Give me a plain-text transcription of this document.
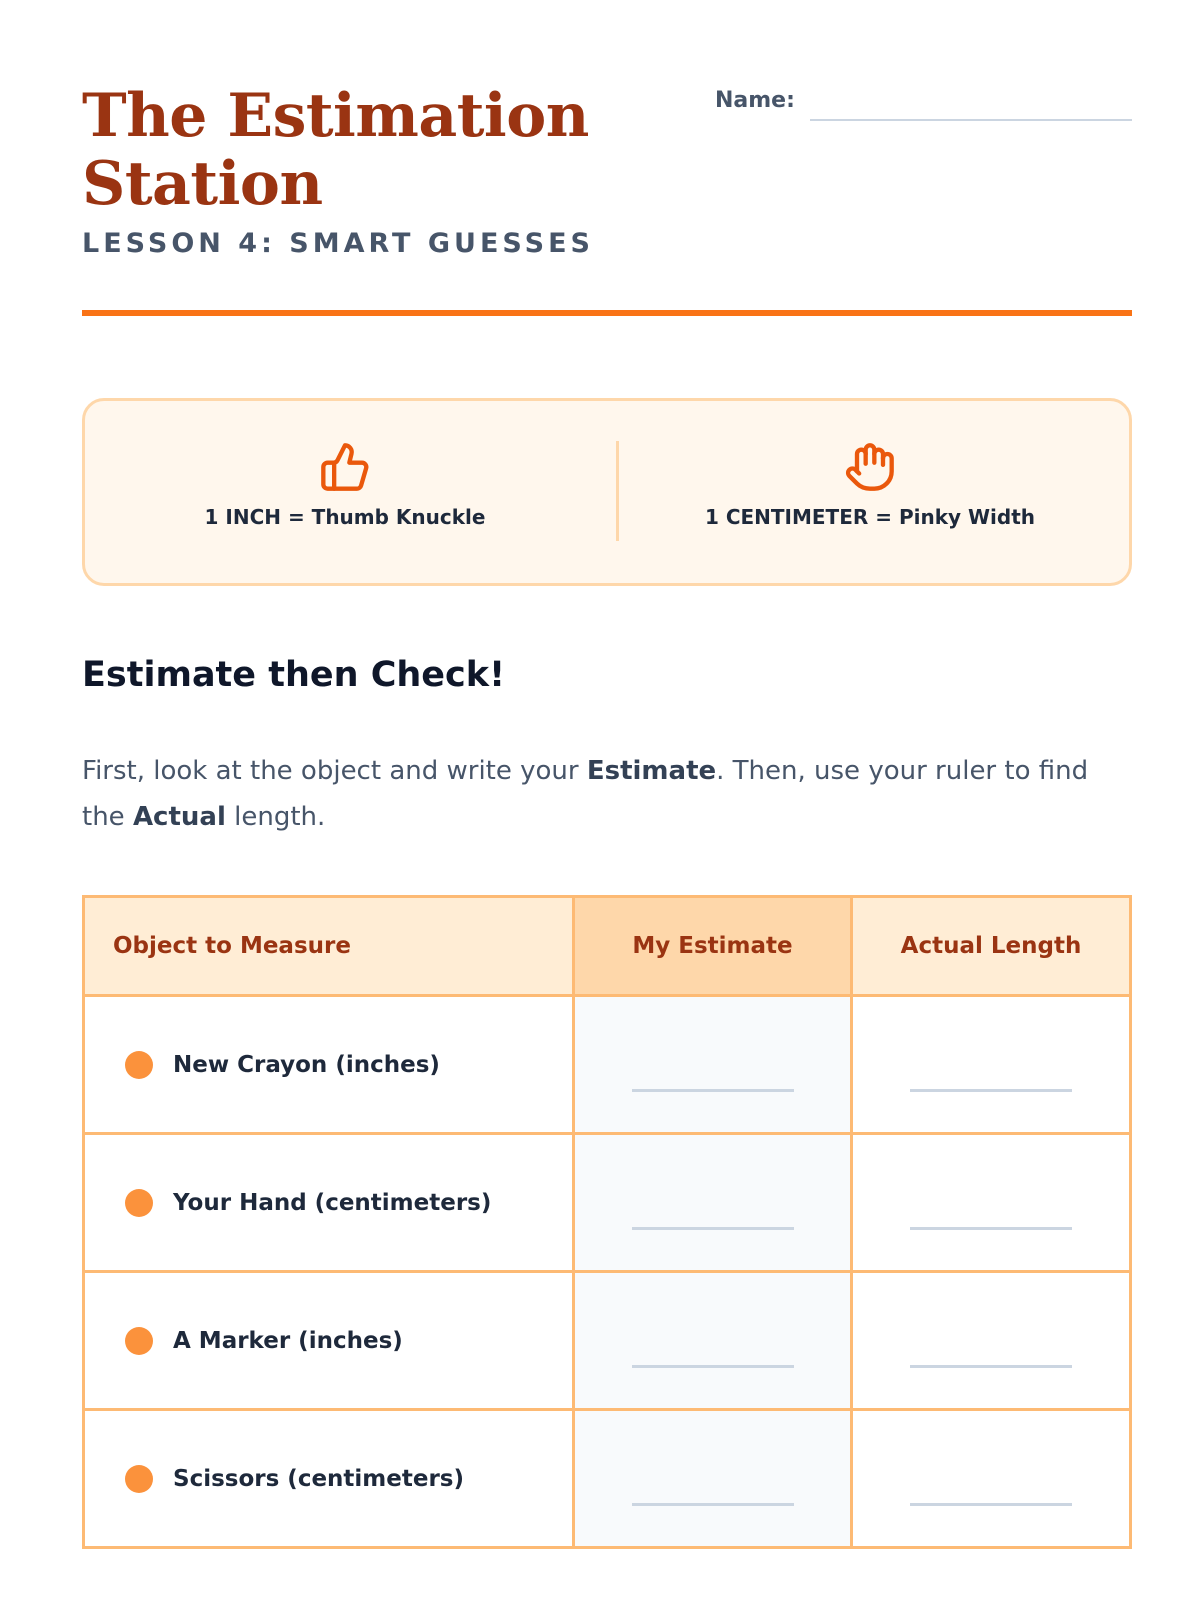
The Estimation Station
LESSON 4: SMART GUESSES
Name:
1 INCH = Thumb Knuckle	1 CENTIMETER = Pinky Width
Estimate then Check!

First, look at the object and write your Estimate. Then, use your ruler to find the Actual length.

Object to Measure	My Estimate	Actual Length
New Crayon (inches)
Your Hand (centimeters)
A Marker (inches)
Scissors (centimeters)
